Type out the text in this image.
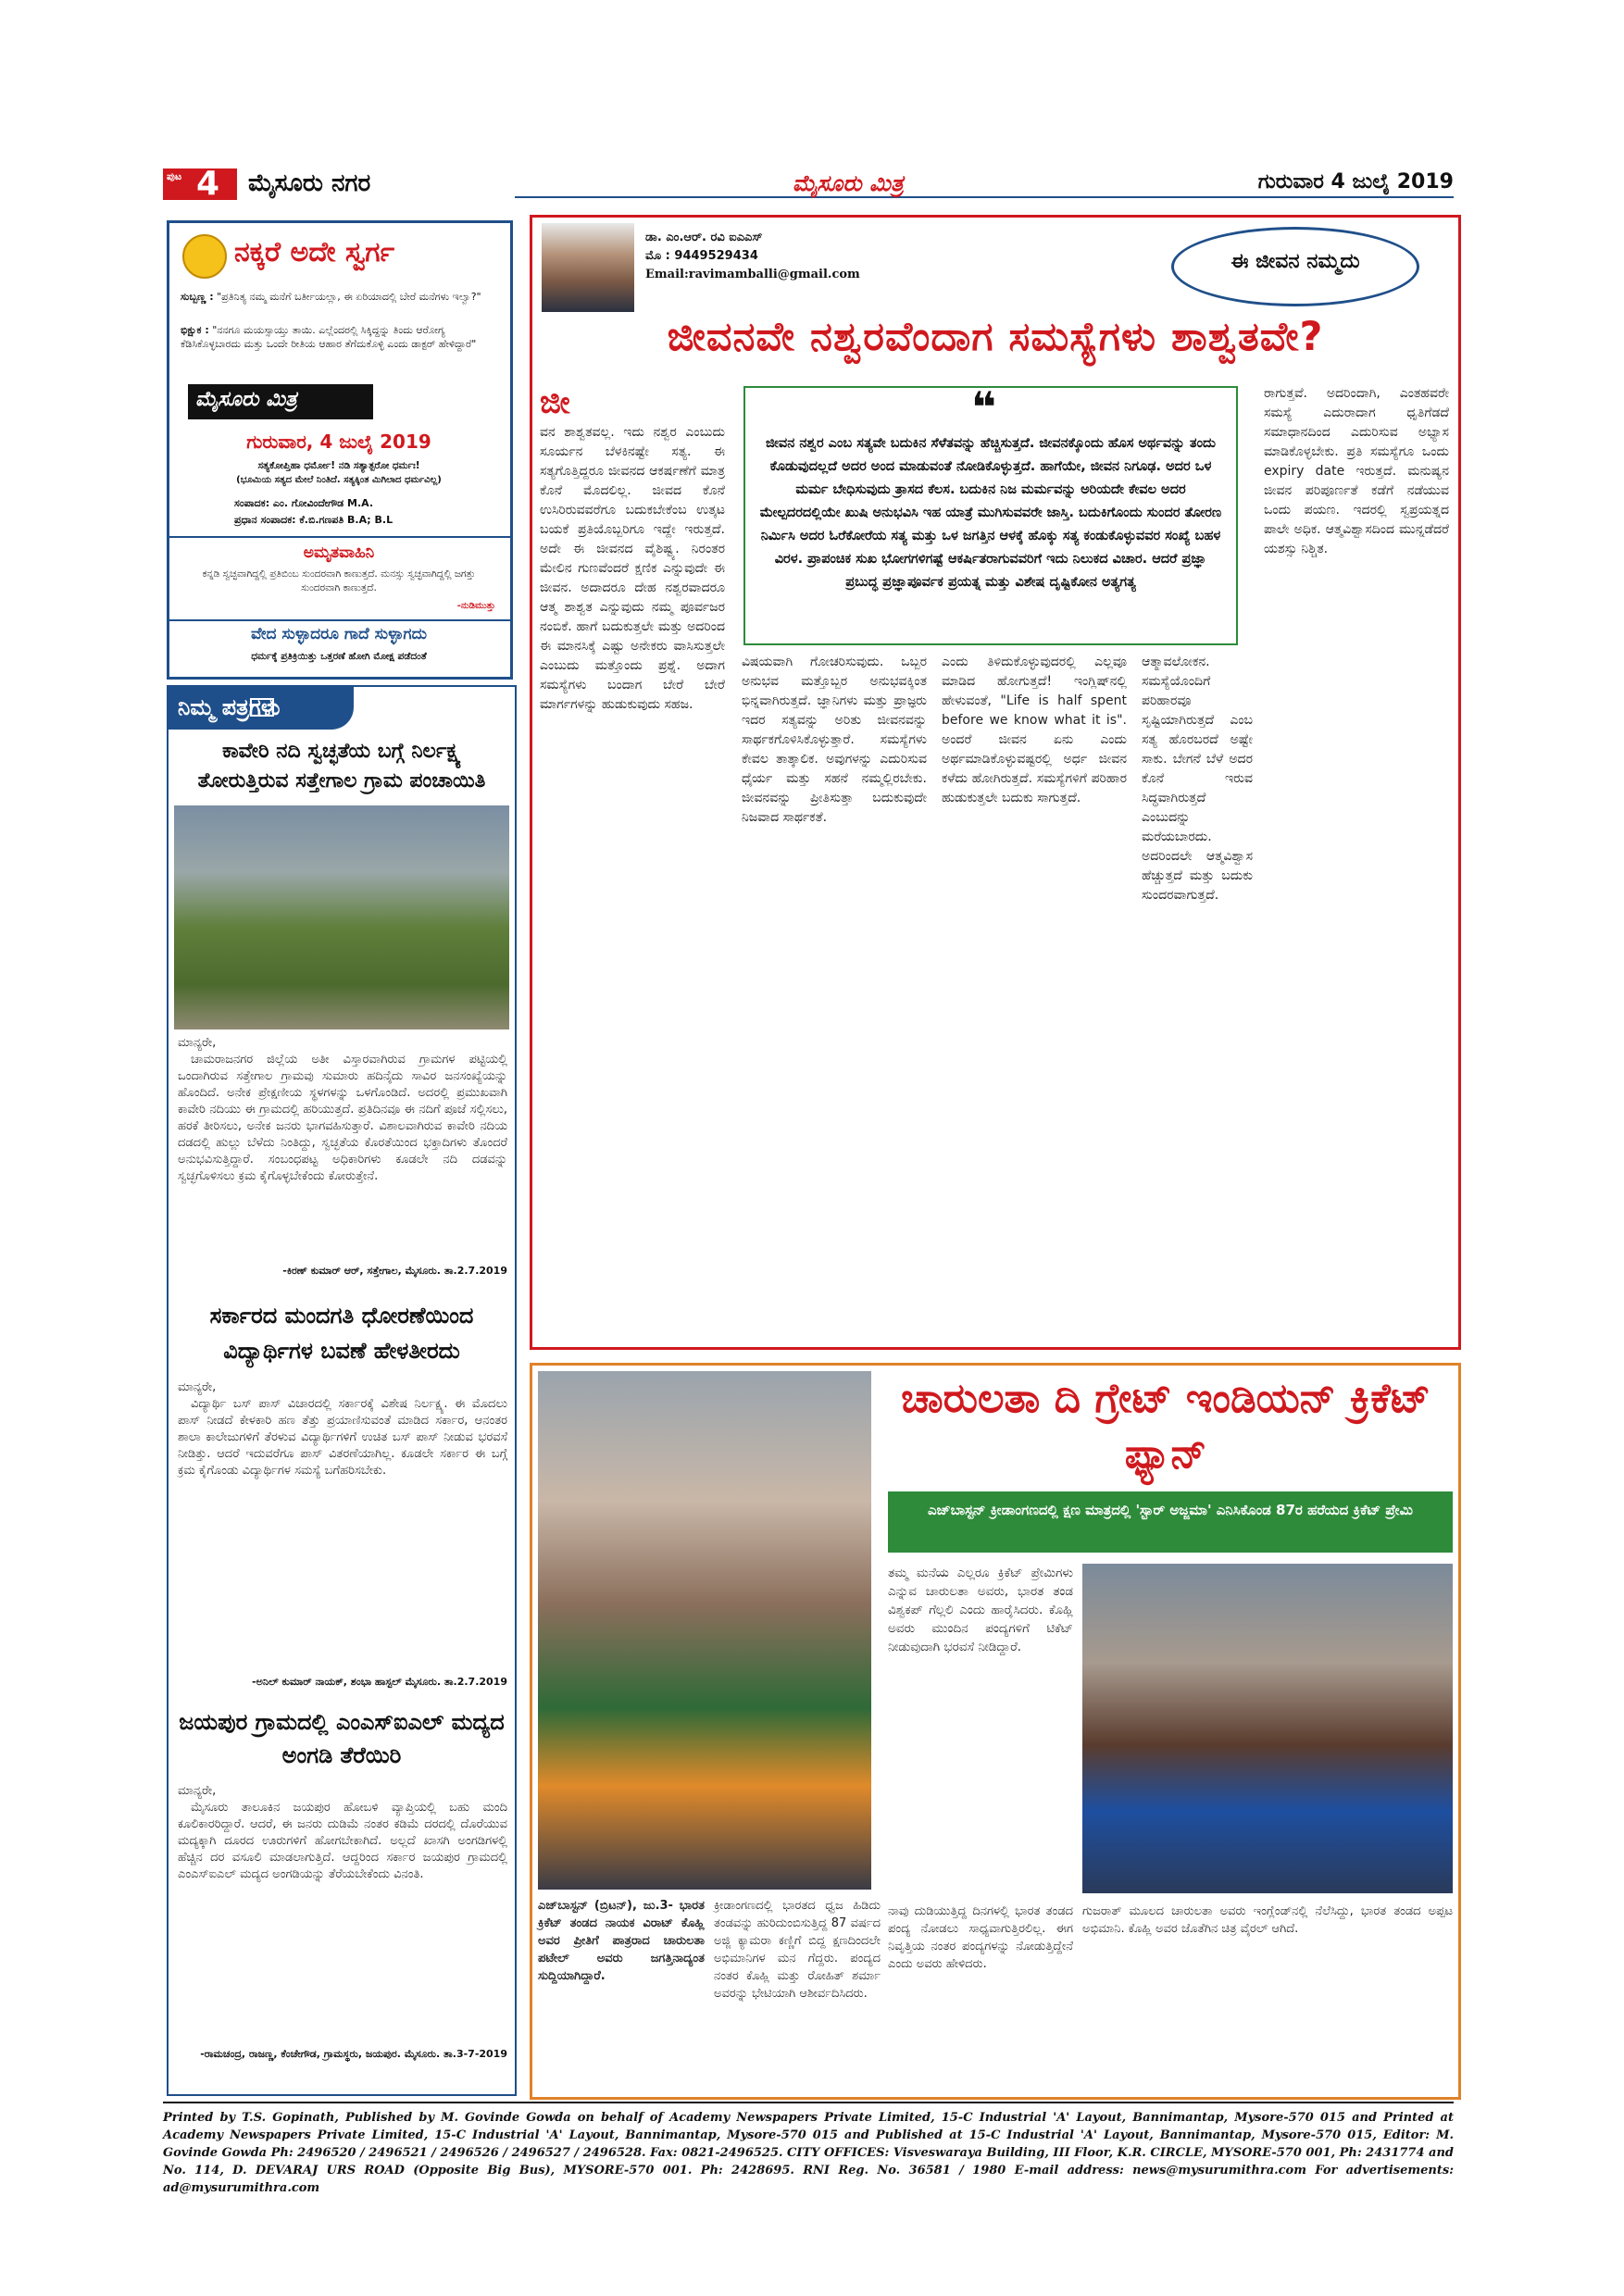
ಪುಟ 4 ಮೈಸೂರು ನಗರ	ಮೈಸೂರು ಮಿತ್ರ	ಗುರುವಾರ 4 ಜುಲೈ 2019
ನಕ್ಕರೆ ಅದೇ ಸ್ವರ್ಗ
ಸುಬ್ಬಣ್ಣ : "ಪ್ರತಿನಿತ್ಯ ನಮ್ಮ ಮನೆಗೆ ಬರ್ತೀಯಲ್ಲಾ, ಈ ಏರಿಯಾದಲ್ಲಿ ಬೇರೆ ಮನೆಗಳು ಇಲ್ವಾ?"
ಭಿಕ್ಷುಕ : "ನನಗೂ ಮಯಸ್ಸಾಯ್ತು ತಾಯಿ. ಎಲ್ಲೆಂದರಲ್ಲಿ ಸಿಕ್ಕಿದ್ದನ್ನು ತಿಂದು ಆರೋಗ್ಯ ಕೆಡಿಸಿಕೊಳ್ಳಬಾರದು ಮತ್ತು ಒಂದೇ ರೀತಿಯ ಆಹಾರ ತೆಗೆದುಕೊಳ್ಳಿ ಎಂದು ಡಾಕ್ಟರ್ ಹೇಳಿದ್ದಾರೆ"
ಮೈಸೂರು ಮಿತ್ರ
ಗುರುವಾರ, 4 ಜುಲೈ 2019
ಸತ್ಯಕೋಪ್ತಿಹಾ ಧರ್ಮೋ! ನಡಿ ಸತ್ಯಾತ್ಪರೋ ಧರ್ಮಃ!
(ಭೂಮಿಯ ಸತ್ಯದ ಮೇಲೆ ನಿಂತಿದೆ. ಸತ್ಯಕ್ಕಿಂತ ಮಿಗಿಲಾದ ಧರ್ಮವಿಲ್ಲ)
ಸಂಪಾದಕ: ಎಂ. ಗೋವಿಂದೇಗೌಡ M.A.
ಪ್ರಧಾನ ಸಂಪಾದಕ: ಕೆ.ಬಿ.ಗಣಪತಿ B.A; B.L
ಅಮೃತವಾಹಿನಿ
ಕನ್ನಡಿ ಸ್ವಚ್ಛವಾಗಿದ್ದಲ್ಲಿ ಪ್ರತಿಬಿಂಬ ಸುಂದರವಾಗಿ ಕಾಣುತ್ತದೆ. ಮನಸ್ಸು ಸ್ವಚ್ಛವಾಗಿದ್ದಲ್ಲಿ ಜಗತ್ತು ಸುಂದರವಾಗಿ ಕಾಣುತ್ತದೆ.
-ನುಡಿಮುತ್ತು
ವೇದ ಸುಳ್ಳಾದರೂ ಗಾದೆ ಸುಳ್ಳಾಗದು
ಧರ್ಮಕ್ಕೆ ಪ್ರತಿಕ್ರಿಯಿತ್ತು ಒತ್ತರಣೆ ಹೋಗಿ ಮೋಕ್ಷ ಪಡೆದಂತೆ
ನಿಮ್ಮ ಪತ್ರಗಳು
ಕಾವೇರಿ ನದಿ ಸ್ವಚ್ಛತೆಯ ಬಗ್ಗೆ ನಿರ್ಲಕ್ಷ್ಯ ತೋರುತ್ತಿರುವ ಸತ್ತೇಗಾಲ ಗ್ರಾಮ ಪಂಚಾಯಿತಿ
ಮಾನ್ಯರೇ,
ಚಾಮರಾಜನಗರ ಜಿಲ್ಲೆಯ ಅತೀ ವಿಸ್ತಾರವಾಗಿರುವ ಗ್ರಾಮಗಳ ಪಟ್ಟಿಯಲ್ಲಿ ಒಂದಾಗಿರುವ ಸತ್ತೇಗಾಲ ಗ್ರಾಮವು ಸುಮಾರು ಹದಿನೈದು ಸಾವಿರ ಜನಸಂಖ್ಯೆಯನ್ನು ಹೊಂದಿದೆ. ಅನೇಕ ಪ್ರೇಕ್ಷಣೀಯ ಸ್ಥಳಗಳನ್ನು ಒಳಗೊಂಡಿದೆ. ಅದರಲ್ಲಿ ಪ್ರಮುಖವಾಗಿ ಕಾವೇರಿ ನದಿಯು ಈ ಗ್ರಾಮದಲ್ಲಿ ಹರಿಯುತ್ತದೆ. ಪ್ರತಿದಿನವೂ ಈ ನದಿಗೆ ಪೂಜೆ ಸಲ್ಲಿಸಲು, ಹರಕೆ ತೀರಿಸಲು, ಅನೇಕ ಜನರು ಭಾಗವಹಿಸುತ್ತಾರೆ. ವಿಶಾಲವಾಗಿರುವ ಕಾವೇರಿ ನದಿಯ ದಡದಲ್ಲಿ ಹುಲ್ಲು ಬೆಳೆದು ನಿಂತಿದ್ದು, ಸ್ವಚ್ಛತೆಯ ಕೊರತೆಯಿಂದ ಭಕ್ತಾದಿಗಳು ತೊಂದರೆ ಅನುಭವಿಸುತ್ತಿದ್ದಾರೆ. ಸಂಬಂಧಪಟ್ಟ ಅಧಿಕಾರಿಗಳು ಕೂಡಲೇ ನದಿ ದಡವನ್ನು ಸ್ವಚ್ಛಗೊಳಿಸಲು ಕ್ರಮ ಕೈಗೊಳ್ಳಬೇಕೆಂದು ಕೋರುತ್ತೇನೆ.
-ಕಿರಣ್ ಕುಮಾರ್ ಆರ್, ಸತ್ತೇಗಾಲ, ಮೈಸೂರು. ತಾ.2.7.2019
ಸರ್ಕಾರದ ಮಂದಗತಿ ಧೋರಣೆಯಿಂದ ವಿದ್ಯಾರ್ಥಿಗಳ ಬವಣೆ ಹೇಳತೀರದು
ಮಾನ್ಯರೇ,
ವಿದ್ಯಾರ್ಥಿ ಬಸ್ ಪಾಸ್ ವಿಚಾರದಲ್ಲಿ ಸರ್ಕಾರಕ್ಕೆ ವಿಶೇಷ ನಿರ್ಲಕ್ಷ್ಯ. ಈ ಮೊದಲು ಪಾಸ್ ನೀಡದೆ ಕೇಳಕಾರಿ ಹಣ ತೆತ್ತು ಪ್ರಯಾಣಿಸುವಂತೆ ಮಾಡಿದ ಸರ್ಕಾರ, ಆನಂತರ ಶಾಲಾ ಕಾಲೇಜುಗಳಿಗೆ ತೆರಳುವ ವಿದ್ಯಾರ್ಥಿಗಳಿಗೆ ಉಚಿತ ಬಸ್ ಪಾಸ್ ನೀಡುವ ಭರವಸೆ ನೀಡಿತ್ತು. ಆದರೆ ಇದುವರೆಗೂ ಪಾಸ್ ವಿತರಣೆಯಾಗಿಲ್ಲ. ಕೂಡಲೇ ಸರ್ಕಾರ ಈ ಬಗ್ಗೆ ಕ್ರಮ ಕೈಗೊಂಡು ವಿದ್ಯಾರ್ಥಿಗಳ ಸಮಸ್ಯೆ ಬಗೆಹರಿಸಬೇಕು.
-ಅನಿಲ್ ಕುಮಾರ್ ನಾಯಕ್, ಶಂಭಾ ಹಾಸ್ಟಲ್ ಮೈಸೂರು. ತಾ.2.7.2019
ಜಯಪುರ ಗ್ರಾಮದಲ್ಲಿ ಎಂಎಸ್‌ಐಎಲ್ ಮದ್ಯದ ಅಂಗಡಿ ತೆರೆಯಿರಿ
ಮಾನ್ಯರೇ,
ಮೈಸೂರು ತಾಲೂಕಿನ ಜಯಪುರ ಹೋಬಳಿ ವ್ಯಾಪ್ತಿಯಲ್ಲಿ ಬಹು ಮಂದಿ ಕೂಲಿಕಾರರಿದ್ದಾರೆ. ಆದರೆ, ಈ ಜನರು ದುಡಿಮೆ ನಂತರ ಕಡಿಮೆ ದರದಲ್ಲಿ ದೊರೆಯುವ ಮದ್ಯಕ್ಕಾಗಿ ದೂರದ ಊರುಗಳಿಗೆ ಹೋಗಬೇಕಾಗಿದೆ. ಅಲ್ಲದೆ ಖಾಸಗಿ ಅಂಗಡಿಗಳಲ್ಲಿ ಹೆಚ್ಚಿನ ದರ ವಸೂಲಿ ಮಾಡಲಾಗುತ್ತಿದೆ. ಆದ್ದರಿಂದ ಸರ್ಕಾರ ಜಯಪುರ ಗ್ರಾಮದಲ್ಲಿ ಎಂಎಸ್‌ಐಎಲ್ ಮದ್ಯದ ಅಂಗಡಿಯನ್ನು ತೆರೆಯಬೇಕೆಂದು ವಿನಂತಿ.
-ರಾಮಚಂದ್ರ, ರಾಜಣ್ಣ, ಕೆಂಚೇಗೌಡ, ಗ್ರಾಮಸ್ಥರು, ಜಯಪುರ. ಮೈಸೂರು. ತಾ.3-7-2019
ಡಾ. ಎಂ.ಆರ್. ರವಿ ಐಎಎಸ್
ಮೊ : 9449529434
Email:ravimamballi@gmail.com
ಈ ಜೀವನ ನಮ್ಮದು
ಜೀವನವೇ ನಶ್ವರವೆಂದಾಗ ಸಮಸ್ಯೆಗಳು ಶಾಶ್ವತವೇ?
❝
ಜೀವನ ನಶ್ವರ ಎಂಬ ಸತ್ಯವೇ ಬದುಕಿನ ಸೆಳೆತವನ್ನು ಹೆಚ್ಚಿಸುತ್ತದೆ. ಜೀವನಕ್ಕೊಂದು ಹೊಸ ಅರ್ಥವನ್ನು ತಂದು ಕೊಡುವುದಲ್ಲದೆ ಅದರ ಅಂದ ಮಾಡುವಂತೆ ನೋಡಿಕೊಳ್ಳುತ್ತದೆ. ಹಾಗೆಯೇ, ಜೀವನ ನಿಗೂಢ. ಅದರ ಒಳ ಮರ್ಮ ಬೇಧಿಸುವುದು ತ್ರಾಸದ ಕೆಲಸ. ಬದುಕಿನ ನಿಜ ಮರ್ಮವನ್ನು ಅರಿಯದೇ ಕೇವಲ ಅದರ ಮೇಲ್ಪದರದಲ್ಲಿಯೇ ಖುಷಿ ಅನುಭವಿಸಿ ಇಹ ಯಾತ್ರೆ ಮುಗಿಸುವವರೇ ಜಾಸ್ತಿ. ಬದುಕಿಗೊಂದು ಸುಂದರ ತೋರಣ ನಿರ್ಮಿಸಿ ಅದರ ಓರೆಕೋರೆಯ ಸತ್ಯ ಮತ್ತು ಒಳ ಜಗತ್ತಿನ ಆಳಕ್ಕೆ ಹೊಕ್ಕು ಸತ್ಯ ಕಂಡುಕೊಳ್ಳುವವರ ಸಂಖ್ಯೆ ಬಹಳ ವಿರಳ. ಪ್ರಾಪಂಚಿಕ ಸುಖ ಭೋಗಗಳಿಗಷ್ಟೆ ಆಕರ್ಷಿತರಾಗುವವರಿಗೆ ಇದು ನಿಲುಕದ ವಿಚಾರ. ಆದರೆ ಪ್ರಜ್ಞಾ ಪ್ರಬುದ್ಧ ಪ್ರಜ್ಞಾಪೂರ್ವಕ ಪ್ರಯತ್ನ ಮತ್ತು ವಿಶೇಷ ದೃಷ್ಟಿಕೋನ ಅತ್ಯಗತ್ಯ
ಜೀ
ವನ ಶಾಶ್ವತವಲ್ಲ. ಇದು ನಶ್ವರ ಎಂಬುದು ಸೂರ್ಯನ ಬೆಳಕಿನಷ್ಟೇ ಸತ್ಯ. ಈ ಸತ್ಯಗೊತ್ತಿದ್ದರೂ ಜೀವನದ ಆಕರ್ಷಣೆಗೆ ಮಾತ್ರ ಕೊನೆ ಮೊದಲಿಲ್ಲ. ಜೀವದ ಕೊನೆ ಉಸಿರಿರುವವರೆಗೂ ಬದುಕಬೇಕೆಂಬ ಉತ್ಕಟ ಬಯಕೆ ಪ್ರತಿಯೊಬ್ಬರಿಗೂ ಇದ್ದೇ ಇರುತ್ತದೆ. ಅದೇ ಈ ಜೀವನದ ವೈಶಿಷ್ಟ್ಯ. ನಿರಂತರ ಮೇಲಿನ ಗುಣವೆಂದರೆ ಕ್ಷಣಿಕ ಎನ್ನುವುದೇ ಈ ಜೀವನ. ಅದಾದರೂ ದೇಹ ನಶ್ವರವಾದರೂ ಆತ್ಮ ಶಾಶ್ವತ ಎನ್ನುವುದು ನಮ್ಮ ಪೂರ್ವಜರ ನಂಬಿಕೆ. ಹಾಗೆ ಬದುಕುತ್ತಲೇ ಮತ್ತು ಅದರಿಂದ ಈ ಮಾನಸಿಕ್ಕೆ ಎಷ್ಟು ಅನೇಕರು ವಾಸಿಸುತ್ತಲೇ ಎಂಬುದು ಮತ್ತೊಂದು ಪ್ರಶ್ನೆ. ಅದಾಗ ಸಮಸ್ಯೆಗಳು ಬಂದಾಗ ಬೇರೆ ಬೇರೆ ಮಾರ್ಗಗಳನ್ನು ಹುಡುಕುವುದು ಸಹಜ.
ವಿಷಯವಾಗಿ ಗೋಚರಿಸುವುದು. ಒಬ್ಬರ ಅನುಭವ ಮತ್ತೊಬ್ಬರ ಅನುಭವಕ್ಕಿಂತ ಭಿನ್ನವಾಗಿರುತ್ತದೆ. ಜ್ಞಾನಿಗಳು ಮತ್ತು ಪ್ರಾಜ್ಞರು ಇದರ ಸತ್ಯವನ್ನು ಅರಿತು ಜೀವನವನ್ನು ಸಾರ್ಥಕಗೊಳಿಸಿಕೊಳ್ಳುತ್ತಾರೆ. ಸಮಸ್ಯೆಗಳು ಕೇವಲ ತಾತ್ಕಾಲಿಕ. ಅವುಗಳನ್ನು ಎದುರಿಸುವ ಧೈರ್ಯ ಮತ್ತು ಸಹನೆ ನಮ್ಮಲ್ಲಿರಬೇಕು. ಜೀವನವನ್ನು ಪ್ರೀತಿಸುತ್ತಾ ಬದುಕುವುದೇ ನಿಜವಾದ ಸಾರ್ಥಕತೆ.
ಎಂದು ತಿಳಿದುಕೊಳ್ಳುವುದರಲ್ಲಿ ಎಲ್ಲವೂ ಮಾಡಿದ ಹೋಗುತ್ತದೆ! ಇಂಗ್ಲಿಷ್‌ನಲ್ಲಿ ಹೇಳುವಂತೆ, "Life is half spent before we know what it is". ಅಂದರೆ ಜೀವನ ಏನು ಎಂದು ಅರ್ಥಮಾಡಿಕೊಳ್ಳುವಷ್ಟರಲ್ಲಿ ಅರ್ಧ ಜೀವನ ಕಳೆದು ಹೋಗಿರುತ್ತದೆ. ಸಮಸ್ಯೆಗಳಿಗೆ ಪರಿಹಾರ ಹುಡುಕುತ್ತಲೇ ಬದುಕು ಸಾಗುತ್ತದೆ.
ಆತ್ಮಾವಲೋಕನ. ಸಮಸ್ಯೆಯೊಂದಿಗೆ ಪರಿಹಾರವೂ ಸೃಷ್ಟಿಯಾಗಿರುತ್ತದೆ ಎಂಬ ಸತ್ಯ ಹೊರಬರದೆ ಅಷ್ಟೇ ಸಾಕು. ಬೇಗನೆ ಬೆಳೆ ಅದರ ಕೊನೆ ಇರುವ ಸಿದ್ಧವಾಗಿರುತ್ತದೆ ಎಂಬುದನ್ನು ಮರೆಯಬಾರದು. ಅದರಿಂದಲೇ ಆತ್ಮವಿಶ್ವಾಸ ಹೆಚ್ಚುತ್ತದೆ ಮತ್ತು ಬದುಕು ಸುಂದರವಾಗುತ್ತದೆ.
ರಾಗುತ್ತವೆ. ಅದರಿಂದಾಗಿ, ಎಂತಹವರೇ ಸಮಸ್ಯೆ ಎದುರಾದಾಗ ಧೃತಿಗೆಡದೆ ಸಮಾಧಾನದಿಂದ ಎದುರಿಸುವ ಅಭ್ಯಾಸ ಮಾಡಿಕೊಳ್ಳಬೇಕು. ಪ್ರತಿ ಸಮಸ್ಯೆಗೂ ಒಂದು expiry date ಇರುತ್ತದೆ. ಮನುಷ್ಯನ ಜೀವನ ಪರಿಪೂರ್ಣತೆ ಕಡೆಗೆ ನಡೆಯುವ ಒಂದು ಪಯಣ. ಇದರಲ್ಲಿ ಸ್ವಪ್ರಯತ್ನದ ಪಾಲೇ ಅಧಿಕ. ಆತ್ಮವಿಶ್ವಾಸದಿಂದ ಮುನ್ನಡೆದರೆ ಯಶಸ್ಸು ನಿಶ್ಚಿತ.
ಚಾರುಲತಾ ದಿ ಗ್ರೇಟ್ ಇಂಡಿಯನ್ ಕ್ರಿಕೆಟ್ ಫ್ಯಾನ್
ಎಜ್‌ಬಾಸ್ಟನ್ ಕ್ರೀಡಾಂಗಣದಲ್ಲಿ ಕ್ಷಣ ಮಾತ್ರದಲ್ಲಿ 'ಸ್ಟಾರ್ ಅಜ್ಜಮಾ' ಎನಿಸಿಕೊಂಡ 87ರ ಹರೆಯದ ಕ್ರಿಕೆಟ್ ಪ್ರೇಮಿ
ತಮ್ಮ ಮನೆಯ ಎಲ್ಲರೂ ಕ್ರಿಕೆಟ್ ಪ್ರೇಮಿಗಳು ಎನ್ನುವ ಚಾರುಲತಾ ಅವರು, ಭಾರತ ತಂಡ ವಿಶ್ವಕಪ್ ಗೆಲ್ಲಲಿ ಎಂದು ಹಾರೈಸಿದರು. ಕೊಹ್ಲಿ ಅವರು ಮುಂದಿನ ಪಂದ್ಯಗಳಿಗೆ ಟಿಕೆಟ್ ನೀಡುವುದಾಗಿ ಭರವಸೆ ನೀಡಿದ್ದಾರೆ.
ಎಜ್‌ಬಾಸ್ಟನ್ (ಬ್ರಿಟನ್), ಜು.3- ಭಾರತ ಕ್ರಿಕೆಟ್ ತಂಡದ ನಾಯಕ ವಿರಾಟ್ ಕೊಹ್ಲಿ ಅವರ ಪ್ರೀತಿಗೆ ಪಾತ್ರರಾದ ಚಾರುಲತಾ ಪಟೇಲ್ ಅವರು ಜಗತ್ತಿನಾದ್ಯಂತ ಸುದ್ದಿಯಾಗಿದ್ದಾರೆ.
ಕ್ರೀಡಾಂಗಣದಲ್ಲಿ ಭಾರತದ ಧ್ವಜ ಹಿಡಿದು ತಂಡವನ್ನು ಹುರಿದುಂಬಿಸುತ್ತಿದ್ದ 87 ವರ್ಷದ ಅಜ್ಜಿ ಕ್ಯಾಮರಾ ಕಣ್ಣಿಗೆ ಬಿದ್ದ ಕ್ಷಣದಿಂದಲೇ ಅಭಿಮಾನಿಗಳ ಮನ ಗೆದ್ದರು. ಪಂದ್ಯದ ನಂತರ ಕೊಹ್ಲಿ ಮತ್ತು ರೋಹಿತ್ ಶರ್ಮಾ ಅವರನ್ನು ಭೇಟಿಯಾಗಿ ಆಶೀರ್ವದಿಸಿದರು.
ನಾವು ದುಡಿಯುತ್ತಿದ್ದ ದಿನಗಳಲ್ಲಿ ಭಾರತ ತಂಡದ ಪಂದ್ಯ ನೋಡಲು ಸಾಧ್ಯವಾಗುತ್ತಿರಲಿಲ್ಲ. ಈಗ ನಿವೃತ್ತಿಯ ನಂತರ ಪಂದ್ಯಗಳನ್ನು ನೋಡುತ್ತಿದ್ದೇನೆ ಎಂದು ಅವರು ಹೇಳಿದರು.
ಗುಜರಾತ್ ಮೂಲದ ಚಾರುಲತಾ ಅವರು ಇಂಗ್ಲೆಂಡ್‌ನಲ್ಲಿ ನೆಲೆಸಿದ್ದು, ಭಾರತ ತಂಡದ ಅಪ್ಪಟ ಅಭಿಮಾನಿ. ಕೊಹ್ಲಿ ಅವರ ಜೊತೆಗಿನ ಚಿತ್ರ ವೈರಲ್ ಆಗಿದೆ.
Printed by T.S. Gopinath, Published by M. Govinde Gowda on behalf of Academy Newspapers Private Limited, 15-C Industrial 'A' Layout, Bannimantap, Mysore-570 015 and Printed at Academy Newspapers Private Limited, 15-C Industrial 'A' Layout, Bannimantap, Mysore-570 015 and Published at 15-C Industrial 'A' Layout, Bannimantap, Mysore-570 015, Editor: M. Govinde Gowda Ph: 2496520 / 2496521 / 2496526 / 2496527 / 2496528. Fax: 0821-2496525. CITY OFFICES: Visveswaraya Building, III Floor, K.R. CIRCLE, MYSORE-570 001, Ph: 2431774 and No. 114, D. DEVARAJ URS ROAD (Opposite Big Bus), MYSORE-570 001. Ph: 2428695. RNI Reg. No. 36581 / 1980 E-mail address: news@mysurumithra.com For advertisements: ad@mysurumithra.com
